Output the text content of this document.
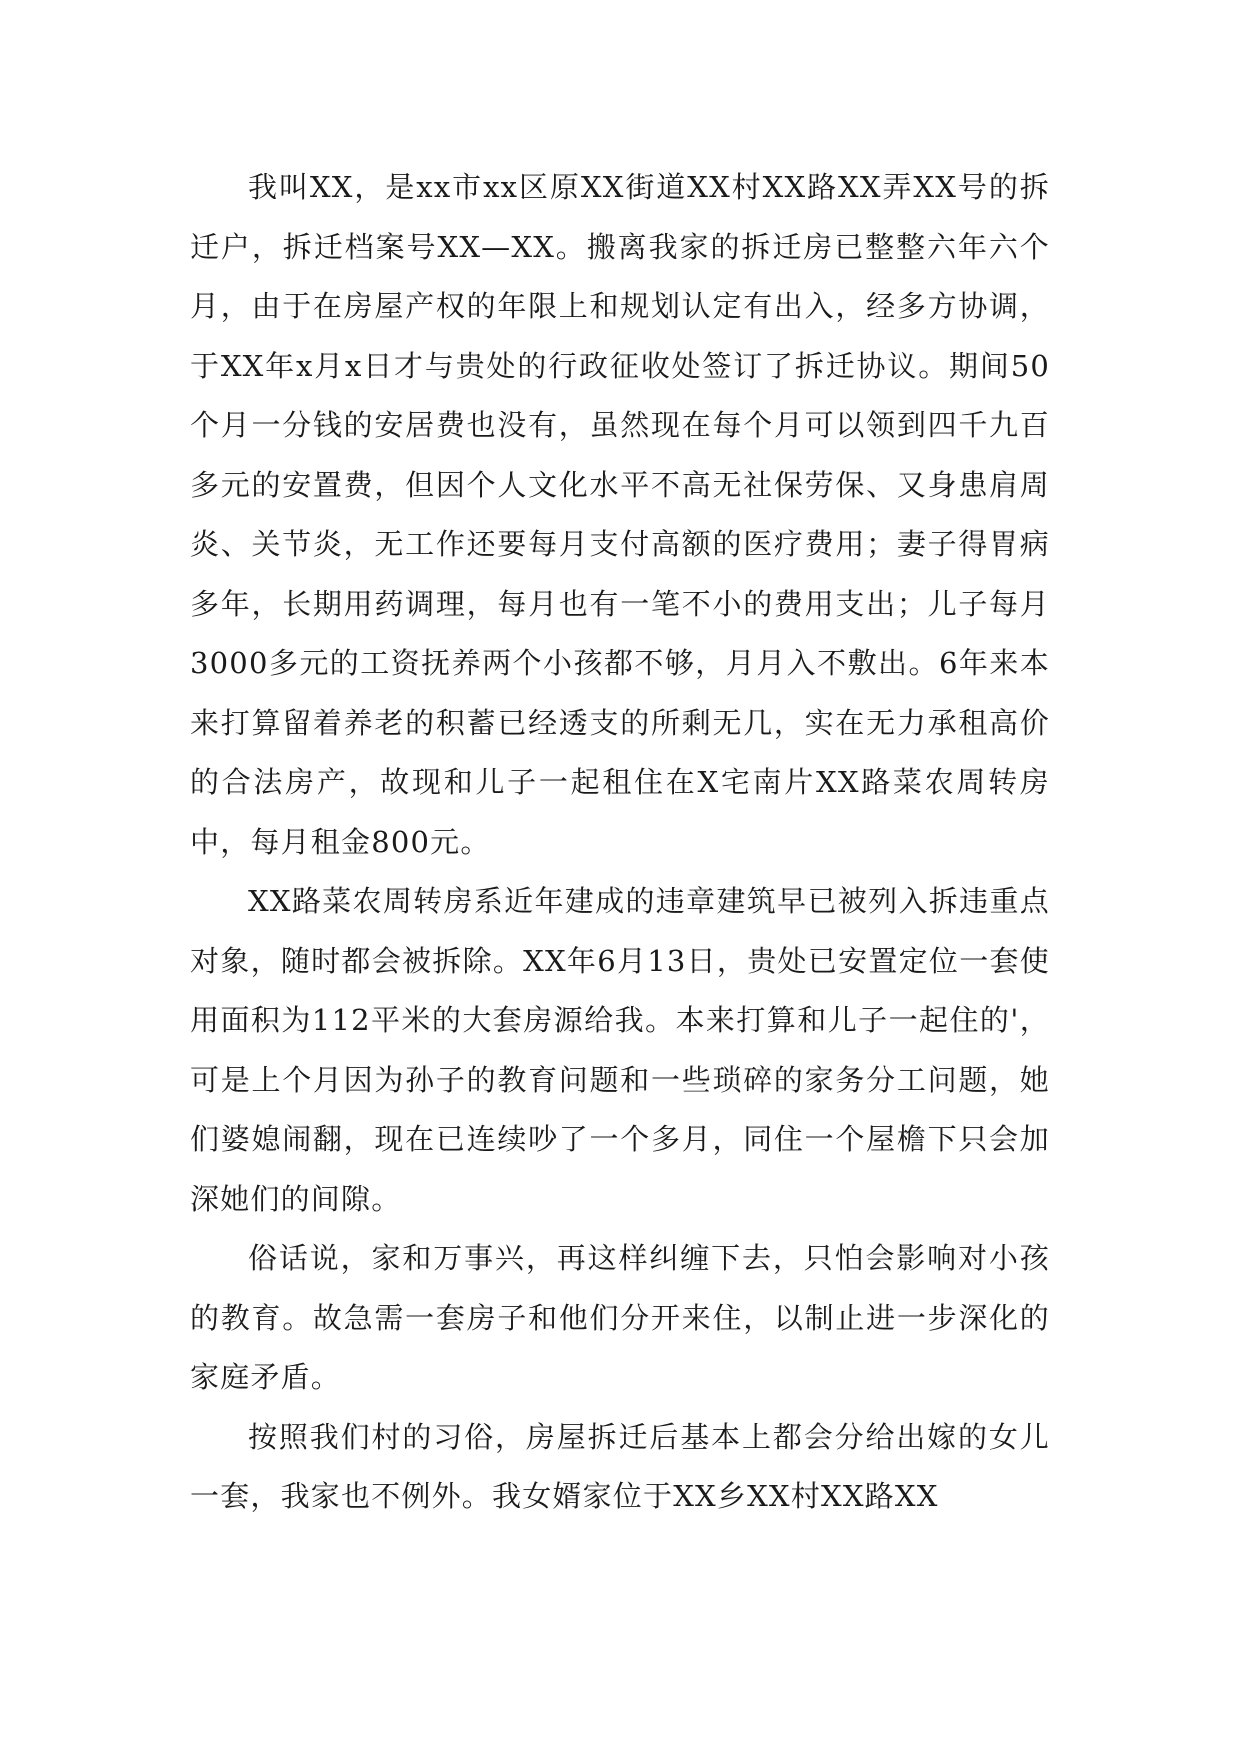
我叫XX，是xx市xx区原XX街道XX村XX路XX弄XX号的拆迁户，拆迁档案号XX—XX。搬离我家的拆迁房已整整六年六个月，由于在房屋产权的年限上和规划认定有出入，经多方协调，于XX年x月x日才与贵处的行政征收处签订了拆迁协议。期间50个月一分钱的安居费也没有，虽然现在每个月可以领到四千九百多元的安置费，但因个人文化水平不高无社保劳保、又身患肩周炎、关节炎，无工作还要每月支付高额的医疗费用；妻子得胃病多年，长期用药调理，每月也有一笔不小的费用支出；儿子每月3000多元的工资抚养两个小孩都不够，月月入不敷出。6年来本来打算留着养老的积蓄已经透支的所剩无几，实在无力承租高价的合法房产，故现和儿子一起租住在X宅南片XX路菜农周转房中，每月租金800元。

XX路菜农周转房系近年建成的违章建筑早已被列入拆违重点对象，随时都会被拆除。XX年6月13日，贵处已安置定位一套使用面积为112平米的大套房源给我。本来打算和儿子一起住的'，可是上个月因为孙子的教育问题和一些琐碎的家务分工问题，她们婆媳闹翻，现在已连续吵了一个多月，同住一个屋檐下只会加深她们的间隙。

俗话说，家和万事兴，再这样纠缠下去，只怕会影响对小孩的教育。故急需一套房子和他们分开来住，以制止进一步深化的家庭矛盾。

按照我们村的习俗，房屋拆迁后基本上都会分给出嫁的女儿一套，我家也不例外。我女婿家位于XX乡XX村XX路XX
